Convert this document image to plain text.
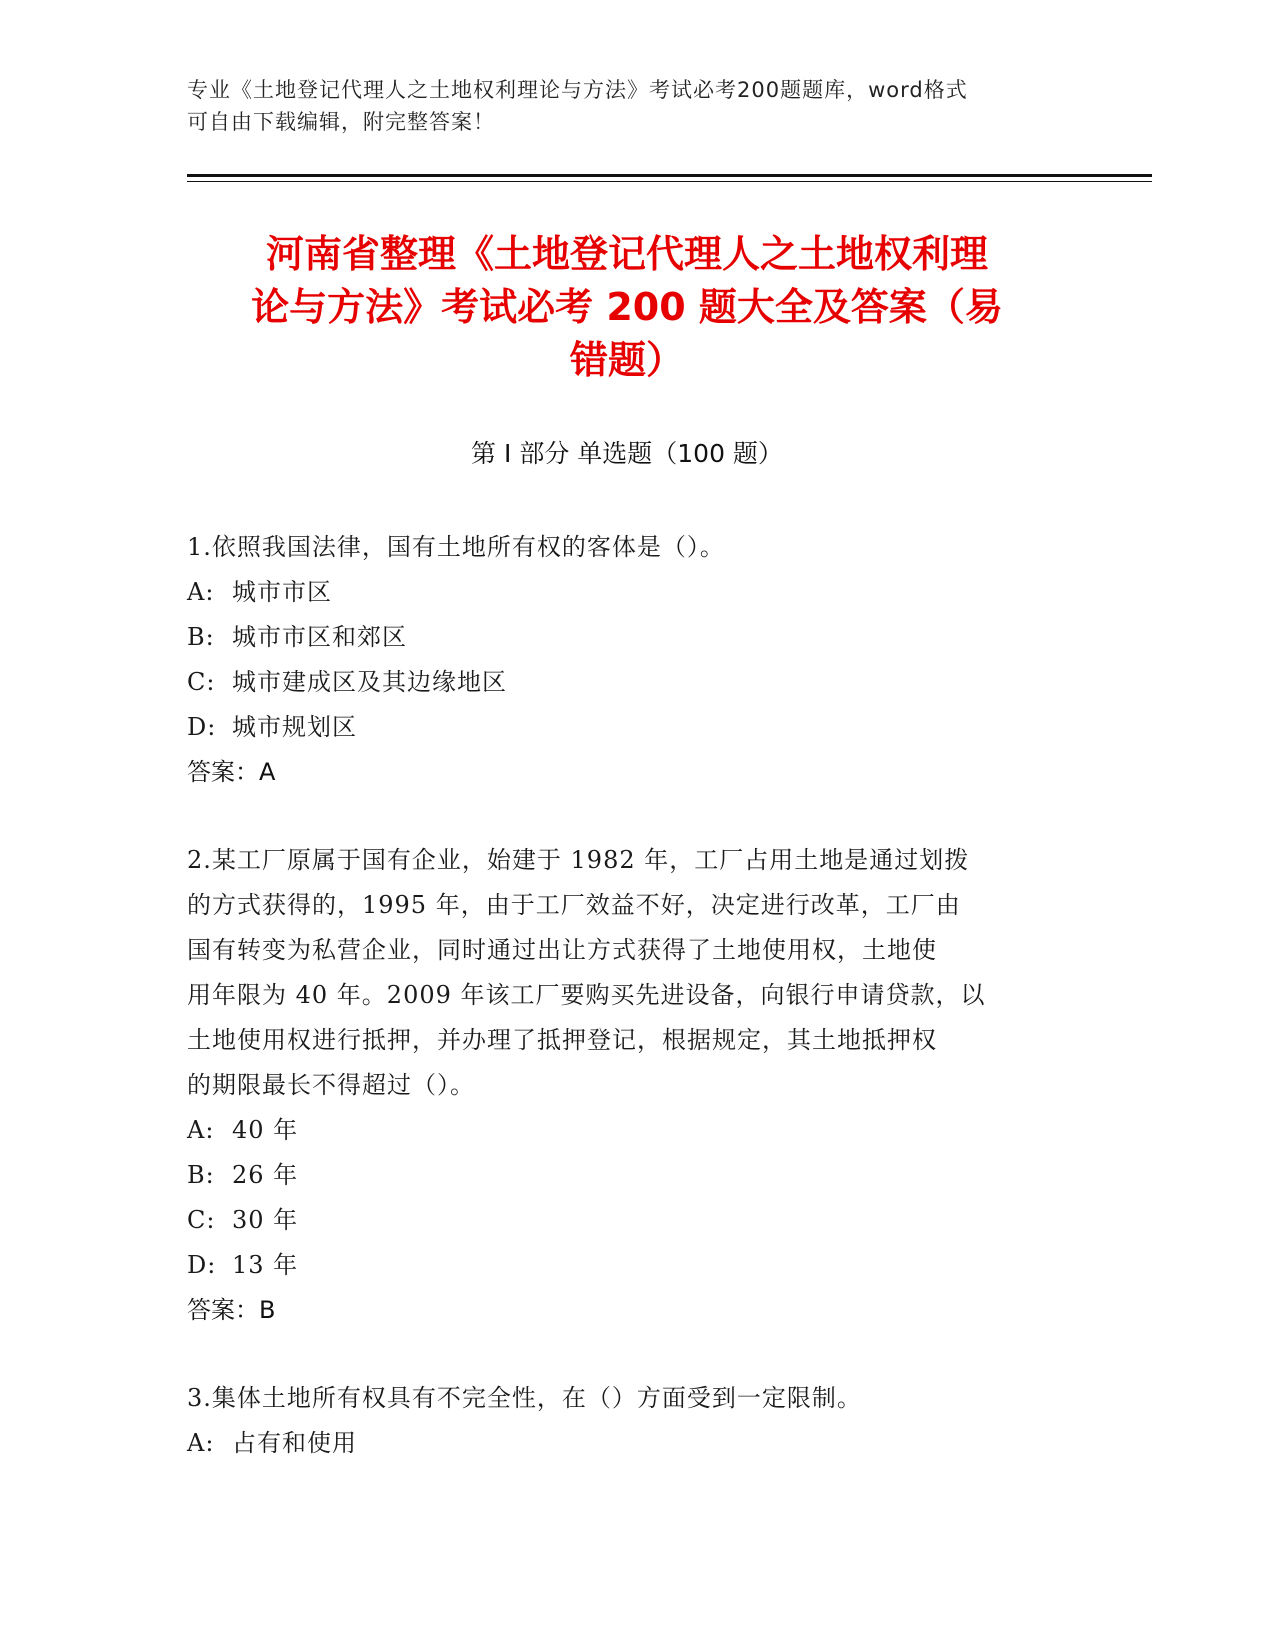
专业《土地登记代理人之土地权利理论与方法》考试必考200题题库，word格式
可自由下载编辑，附完整答案！
河南省整理《土地登记代理人之土地权利理
论与方法》考试必考 200 题大全及答案（易
错题）
第 I 部分 单选题（100 题）
1.依照我国法律，国有土地所有权的客体是（）。
A: 城市市区
B: 城市市区和郊区
C: 城市建成区及其边缘地区
D: 城市规划区
答案：A
2.某工厂原属于国有企业，始建于 1982 年，工厂占用土地是通过划拨
的方式获得的，1995 年，由于工厂效益不好，决定进行改革，工厂由
国有转变为私营企业，同时通过出让方式获得了土地使用权，土地使
用年限为 40 年。2009 年该工厂要购买先进设备，向银行申请贷款，以
土地使用权进行抵押，并办理了抵押登记，根据规定，其土地抵押权
的期限最长不得超过（）。
A: 40 年
B: 26 年
C: 30 年
D: 13 年
答案：B
3.集体土地所有权具有不完全性，在（）方面受到一定限制。
A: 占有和使用
